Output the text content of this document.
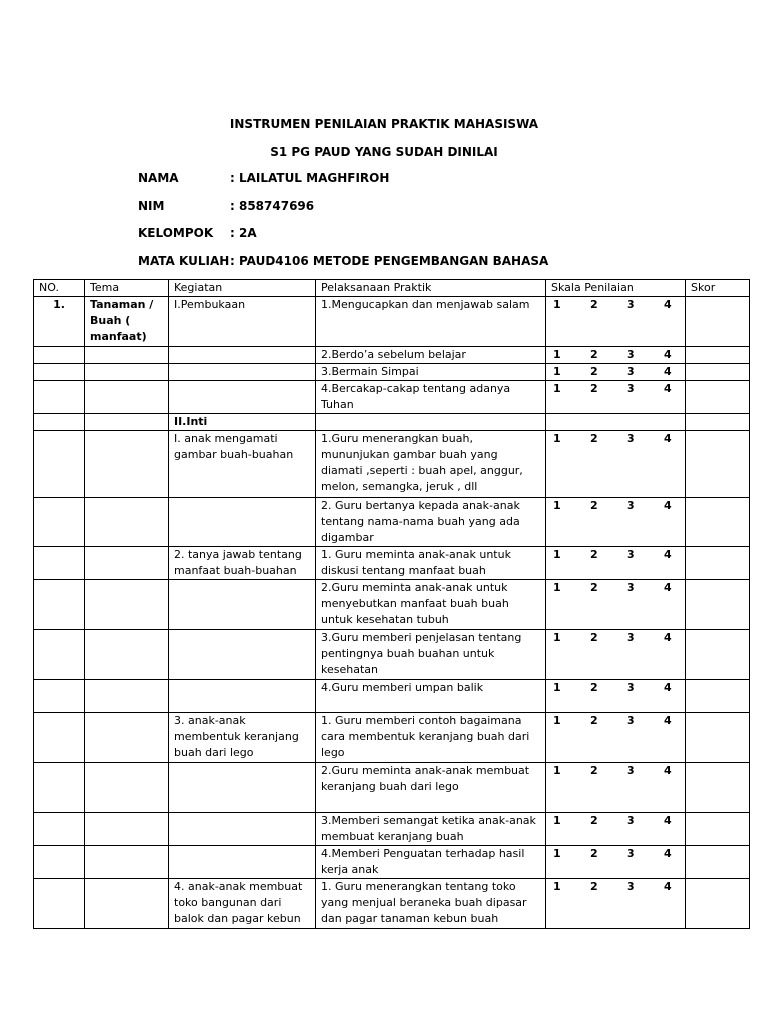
INSTRUMEN PENILAIAN PRAKTIK MAHASISWA
S1 PG PAUD YANG SUDAH DINILAI
NAMA	: LAILATUL MAGHFIROH
NIM	: 858747696
KELOMPOK : 2A
MATA KULIAH: PAUD4106 METODE PENGEMBANGAN BAHASA
NO.	Tema	Kegiatan	Pelaksanaan Praktik	Skala Penilaian	Skor
1.	Tanaman / Buah ( manfaat)	I.Pembukaan	1.Mengucapkan dan menjawab salam	1 2 3 4	

			2.Berdo’a sebelum belajar	1 2 3 4	

			3.Bermain Simpai	1 2 3 4	

			4.Bercakap-cakap tentang adanya Tuhan	1 2 3 4	

		II.Inti			
		I. anak mengamati gambar buah-buahan	1.Guru menerangkan buah, mununjukan gambar buah yang diamati ,seperti : buah apel, anggur, melon, semangka, jeruk , dll	1 2 3 4	

			2. Guru bertanya kepada anak-anak tentang nama-nama buah yang ada digambar	1 2 3 4	

		2. tanya jawab tentang manfaat buah-buahan	1. Guru meminta anak-anak untuk diskusi tentang manfaat buah	1 2 3 4	

			2.Guru meminta anak-anak untuk menyebutkan manfaat buah buah untuk kesehatan tubuh	1 2 3 4	

			3.Guru memberi penjelasan tentang pentingnya buah buahan untuk kesehatan	1 2 3 4	

			4.Guru memberi umpan balik	1 2 3 4	

		3. anak-anak membentuk keranjang buah dari lego	1. Guru memberi contoh bagaimana cara membentuk keranjang buah dari lego	1 2 3 4	

			2.Guru meminta anak-anak membuat keranjang buah dari lego	1 2 3 4	

			3.Memberi semangat ketika anak-anak membuat keranjang buah	1 2 3 4	

			4.Memberi Penguatan terhadap hasil kerja anak	1 2 3 4	

		4. anak-anak membuat toko bangunan dari balok dan pagar kebun	1. Guru menerangkan tentang toko yang menjual beraneka buah dipasar dan pagar tanaman kebun buah	1 2 3 4	
